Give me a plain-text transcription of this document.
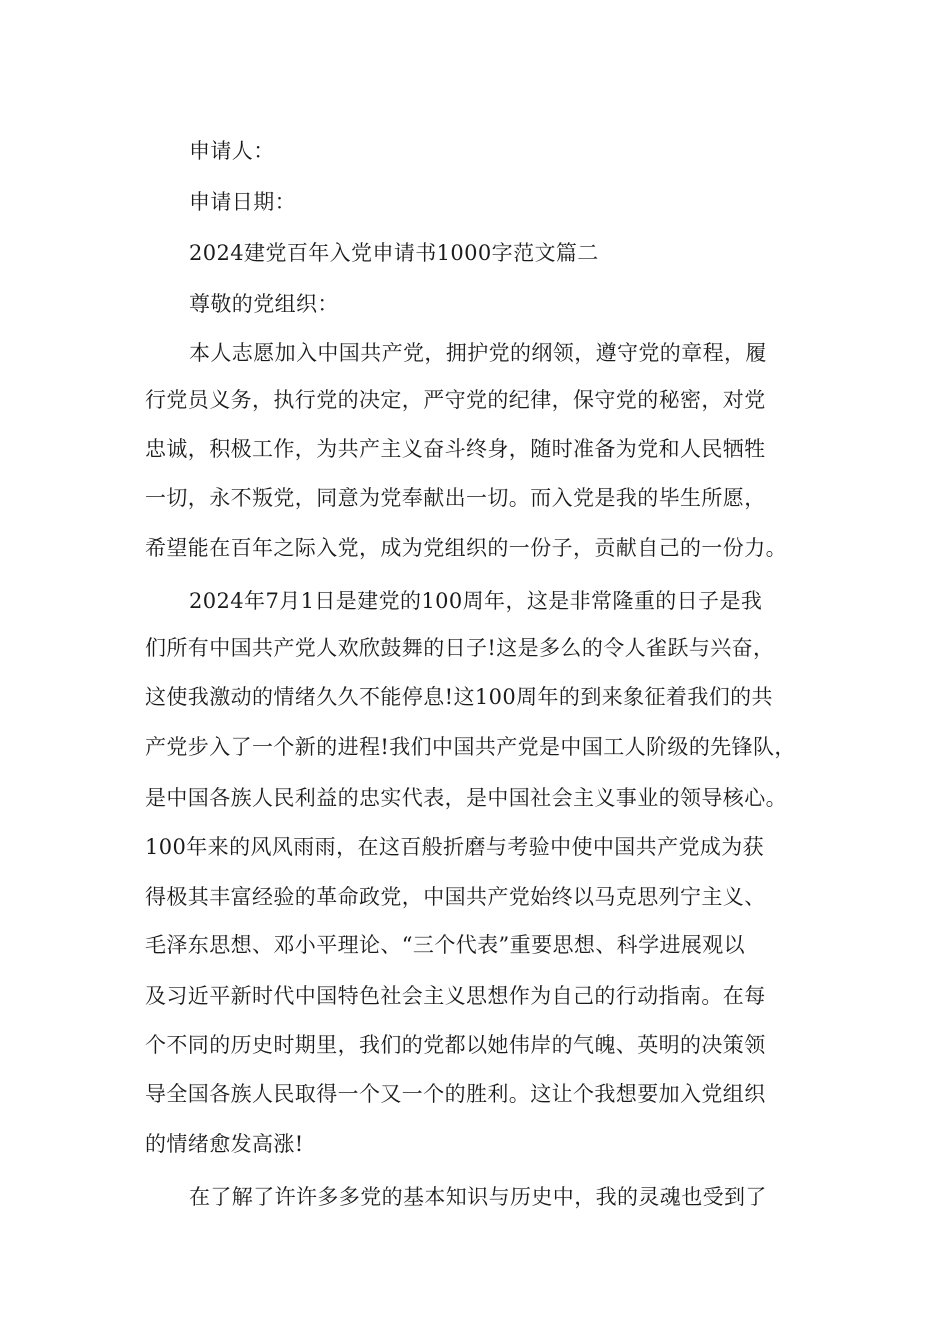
申请人：
申请日期：
2024建党百年入党申请书1000字范文篇二
尊敬的党组织：
本人志愿加入中国共产党，拥护党的纲领，遵守党的章程，履
行党员义务，执行党的决定，严守党的纪律，保守党的秘密，对党
忠诚，积极工作，为共产主义奋斗终身，随时准备为党和人民牺牲
一切，永不叛党，同意为党奉献出一切。而入党是我的毕生所愿，
希望能在百年之际入党，成为党组织的一份子，贡献自己的一份力。
2024年7月1日是建党的100周年，这是非常隆重的日子是我
们所有中国共产党人欢欣鼓舞的日子!这是多么的令人雀跃与兴奋，
这使我激动的情绪久久不能停息!这100周年的到来象征着我们的共
产党步入了一个新的进程!我们中国共产党是中国工人阶级的先锋队，
是中国各族人民利益的忠实代表，是中国社会主义事业的领导核心。
100年来的风风雨雨，在这百般折磨与考验中使中国共产党成为获
得极其丰富经验的革命政党，中国共产党始终以马克思列宁主义、
毛泽东思想、邓小平理论、“三个代表”重要思想、科学进展观以
及习近平新时代中国特色社会主义思想作为自己的行动指南。在每
个不同的历史时期里，我们的党都以她伟岸的气魄、英明的决策领
导全国各族人民取得一个又一个的胜利。这让个我想要加入党组织
的情绪愈发高涨!
在了解了许许多多党的基本知识与历史中，我的灵魂也受到了
